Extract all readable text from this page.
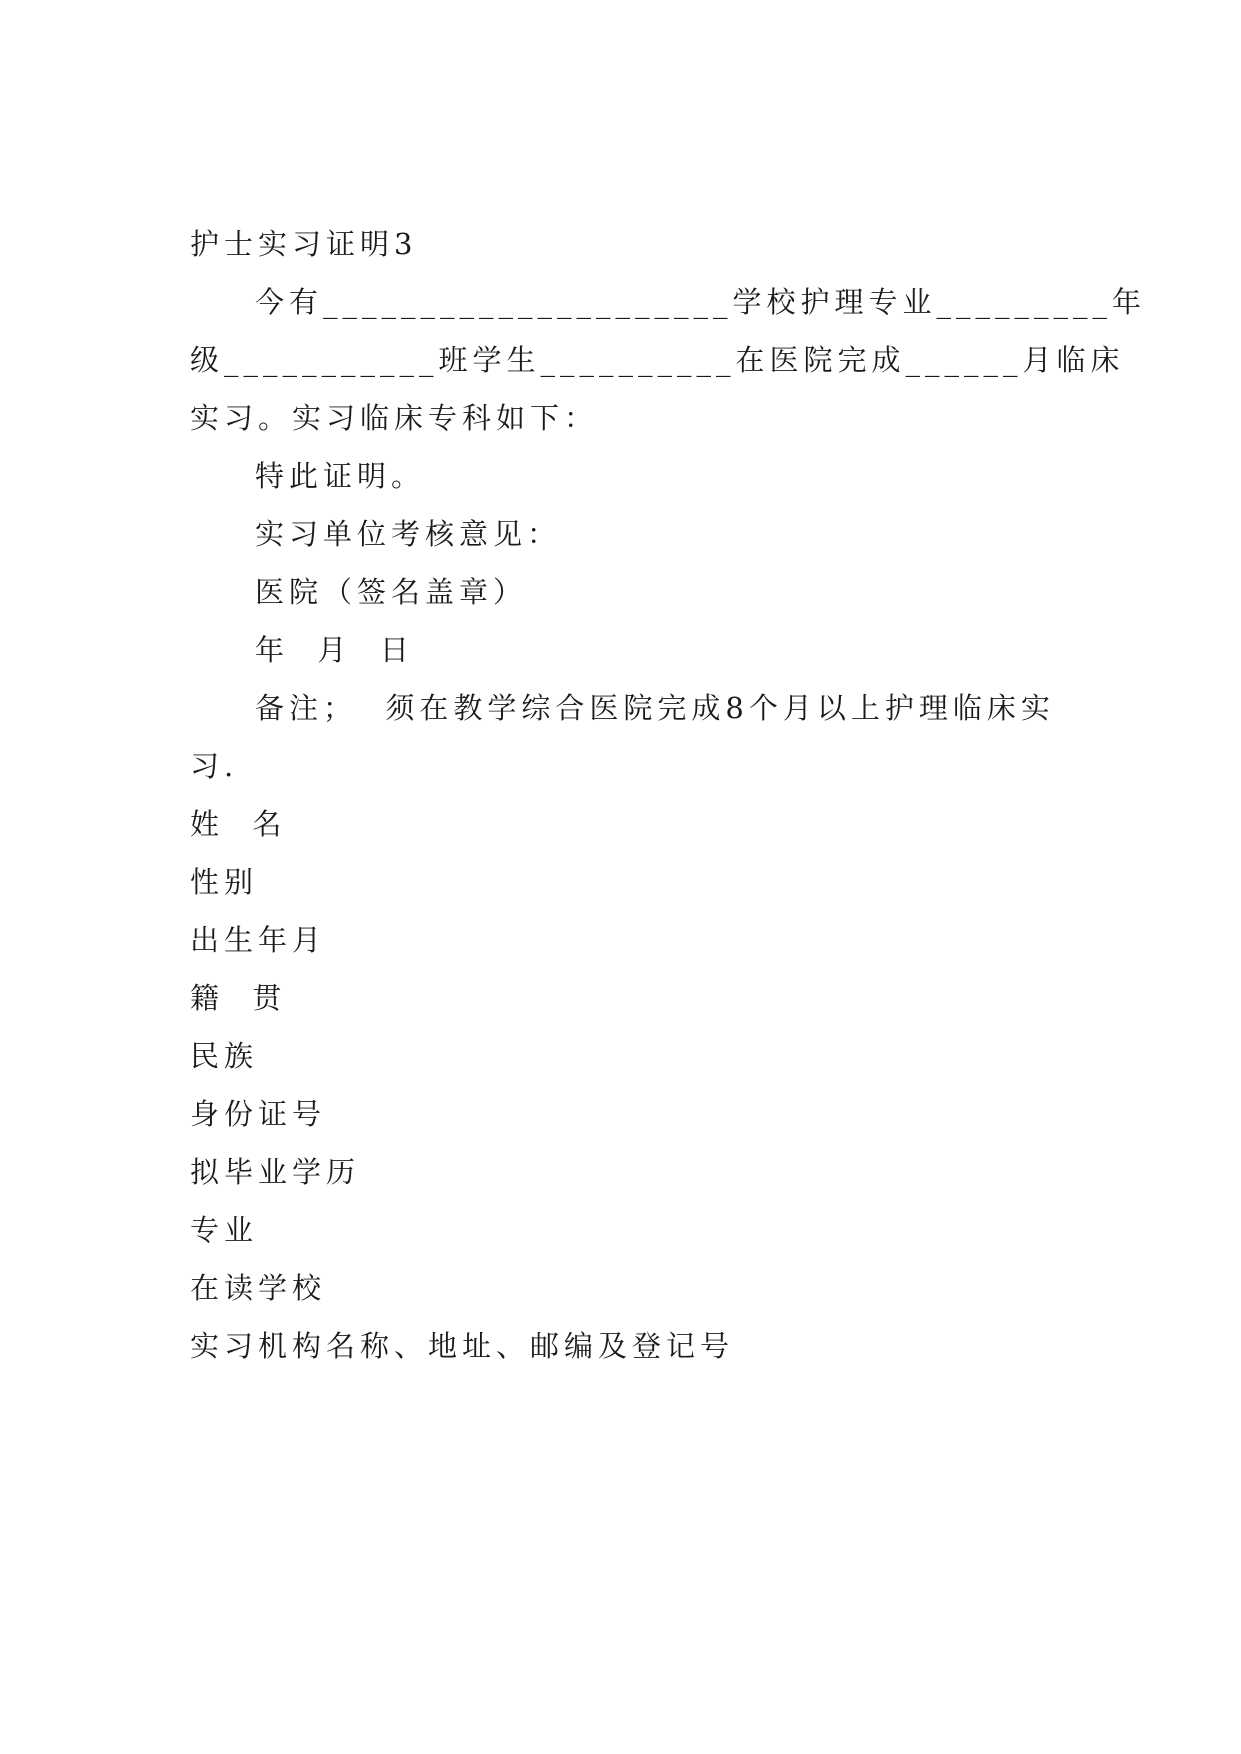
护士实习证明3
今有_____________________学校护理专业_________年
级___________班学生__________在医院完成______月临床
实习。实习临床专科如下：
特此证明。
实习单位考核意见：
医院（签名盖章）
年  月  日
备注；  须在教学综合医院完成8个月以上护理临床实
习.
姓  名
性别
出生年月
籍  贯
民族
身份证号
拟毕业学历
专业
在读学校
实习机构名称、地址、邮编及登记号
